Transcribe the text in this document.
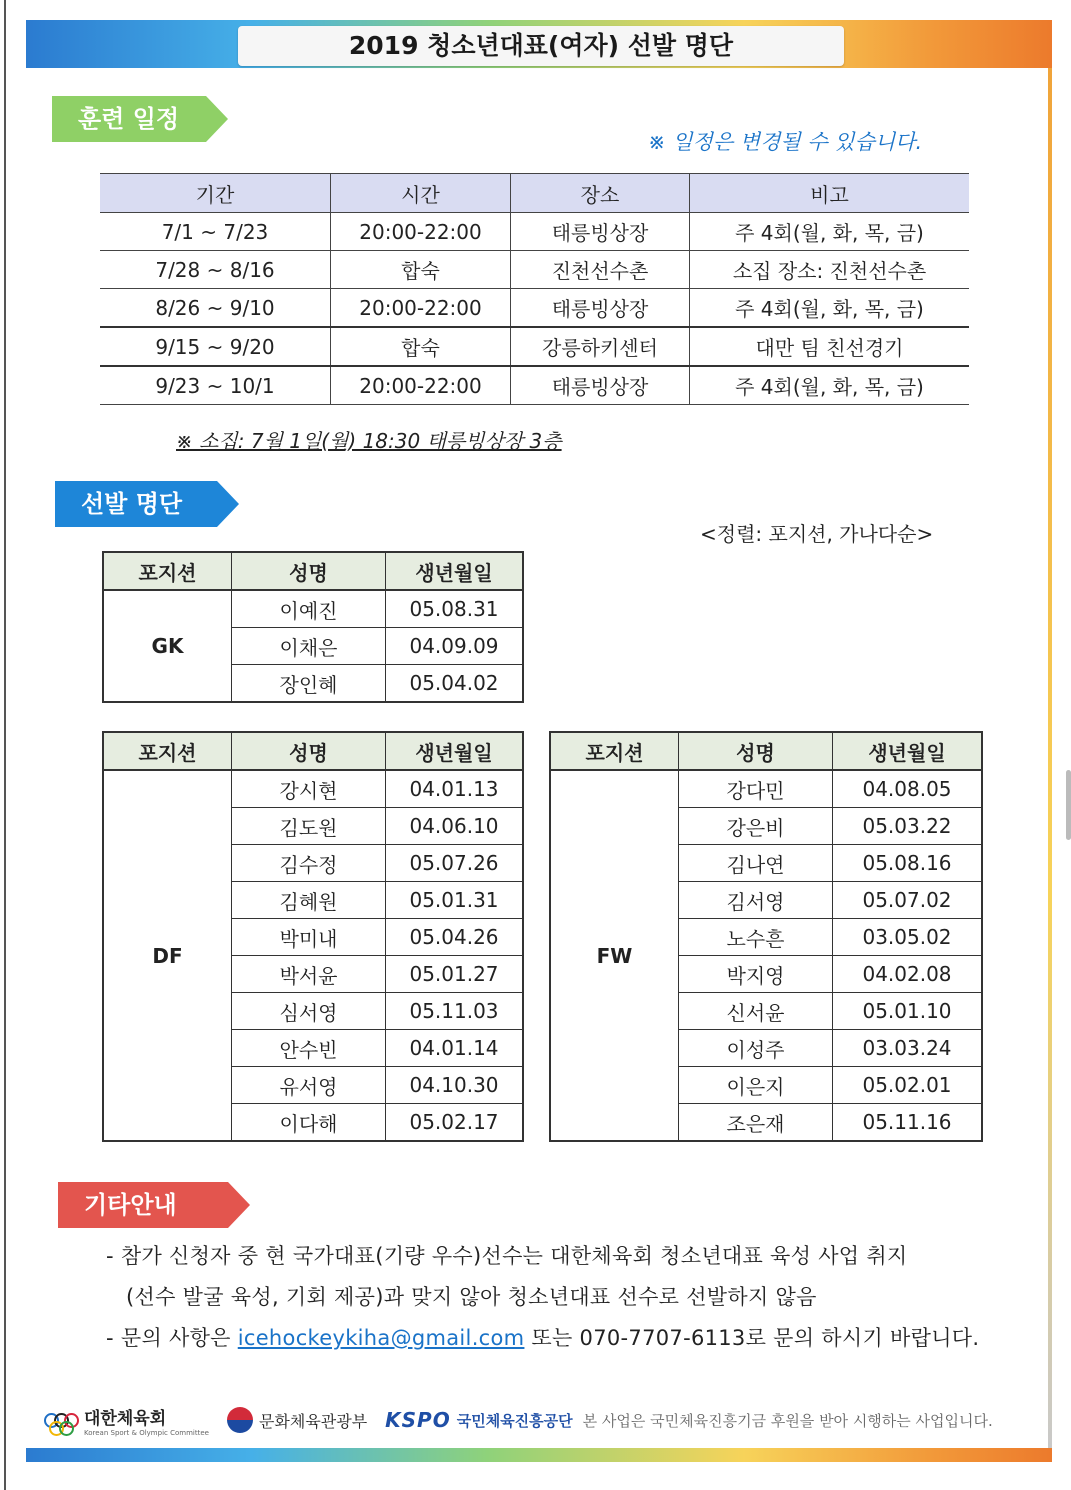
2019 청소년대표(여자) 선발 명단
훈련 일정
※ 일정은 변경될 수 있습니다.
기간	시간	장소	비고
7/1 ~ 7/23	20:00-22:00	태릉빙상장	주 4회(월, 화, 목, 금)
7/28 ~ 8/16	합숙	진천선수촌	소집 장소: 진천선수촌
8/26 ~ 9/10	20:00-22:00	태릉빙상장	주 4회(월, 화, 목, 금)
9/15 ~ 9/20	합숙	강릉하키센터	대만 팀 친선경기
9/23 ~ 10/1	20:00-22:00	태릉빙상장	주 4회(월, 화, 목, 금)
※ 소집: 7월 1일(월) 18:30 태릉빙상장 3층
선발 명단
<정렬: 포지션, 가나다순>
포지션	성명	생년월일
GK	이예진	05.08.31
	이채은	04.09.09
	장인혜	05.04.02
포지션	성명	생년월일
DF	강시현	04.01.13
	김도원	04.06.10
	김수정	05.07.26
	김혜원	05.01.31
	박미내	05.04.26
	박서윤	05.01.27
	심서영	05.11.03
	안수빈	04.01.14
	유서영	04.10.30
	이다해	05.02.17
포지션	성명	생년월일
FW	강다민	04.08.05
	강은비	05.03.22
	김나연	05.08.16
	김서영	05.07.02
	노수흔	03.05.02
	박지영	04.02.08
	신서윤	05.01.10
	이성주	03.03.24
	이은지	05.02.01
	조은재	05.11.16
기타안내
- 참가 신청자 중 현 국가대표(기량 우수)선수는 대한체육회 청소년대표 육성 사업 취지
(선수 발굴 육성, 기회 제공)과 맞지 않아 청소년대표 선수로 선발하지 않음
- 문의 사항은 icehockeykiha@gmail.com 또는 070-7707-6113로 문의 하시기 바랍니다.
대한체육회
Korean Sport & Olympic Committee
문화체육관광부 KSPO 국민체육진흥공단 본 사업은 국민체육진흥기금 후원을 받아 시행하는 사업입니다.
